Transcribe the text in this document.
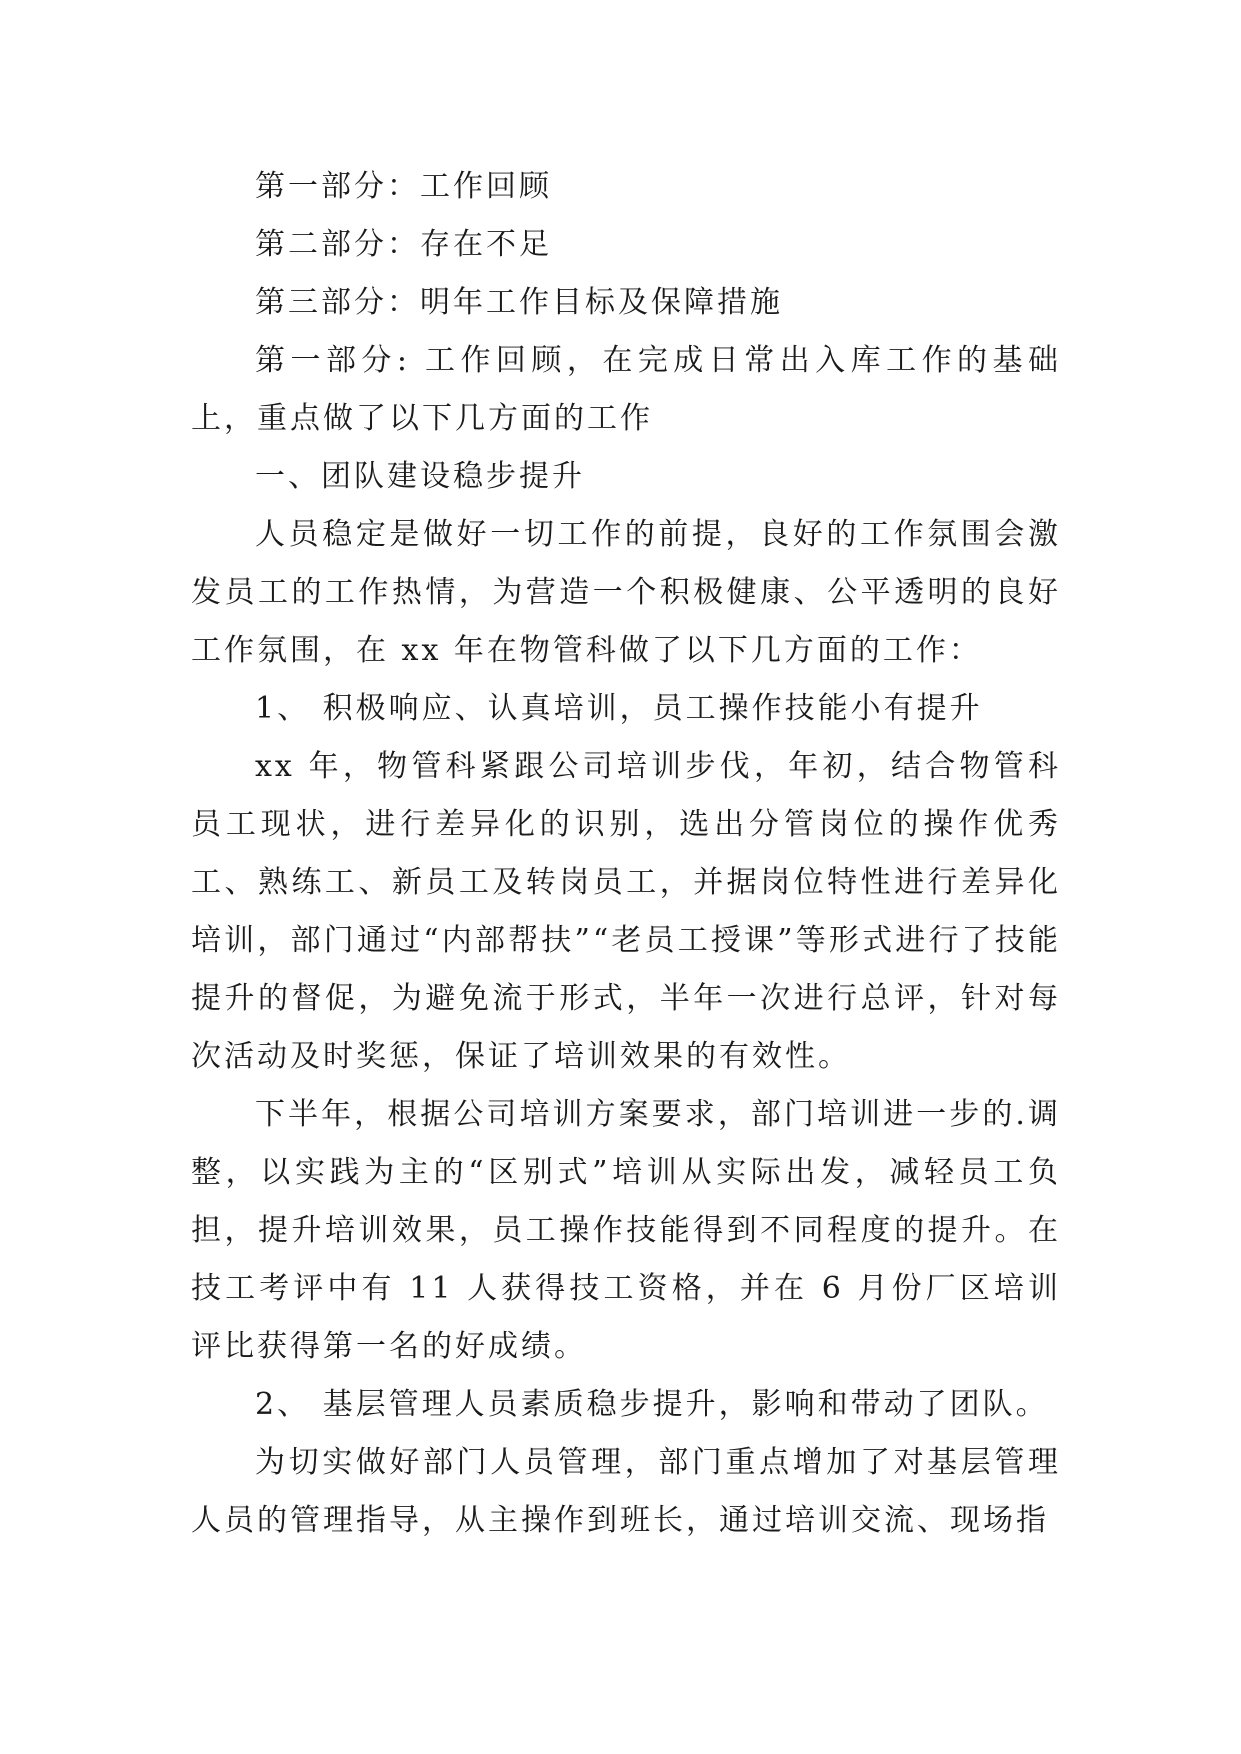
第一部分：工作回顾

第二部分：存在不足

第三部分：明年工作目标及保障措施

第一部分: 工作回顾，在完成日常出入库工作的基础上，重点做了以下几方面的工作

一、团队建设稳步提升

人员稳定是做好一切工作的前提，良好的工作氛围会激发员工的工作热情，为营造一个积极健康、公平透明的良好工作氛围，在 xx 年在物管科做了以下几方面的工作：

1、 积极响应、认真培训，员工操作技能小有提升

xx 年，物管科紧跟公司培训步伐，年初，结合物管科员工现状，进行差异化的识别，选出分管岗位的操作优秀工、熟练工、新员工及转岗员工，并据岗位特性进行差异化培训，部门通过“内部帮扶”“老员工授课”等形式进行了技能提升的督促，为避免流于形式，半年一次进行总评，针对每次活动及时奖惩，保证了培训效果的有效性。

下半年，根据公司培训方案要求，部门培训进一步的.调整，以实践为主的“区别式”培训从实际出发，减轻员工负担，提升培训效果，员工操作技能得到不同程度的提升。在技工考评中有 11 人获得技工资格，并在 6 月份厂区培训评比获得第一名的好成绩。

2、 基层管理人员素质稳步提升，影响和带动了团队。

为切实做好部门人员管理，部门重点增加了对基层管理人员的管理指导，从主操作到班长，通过培训交流、现场指
